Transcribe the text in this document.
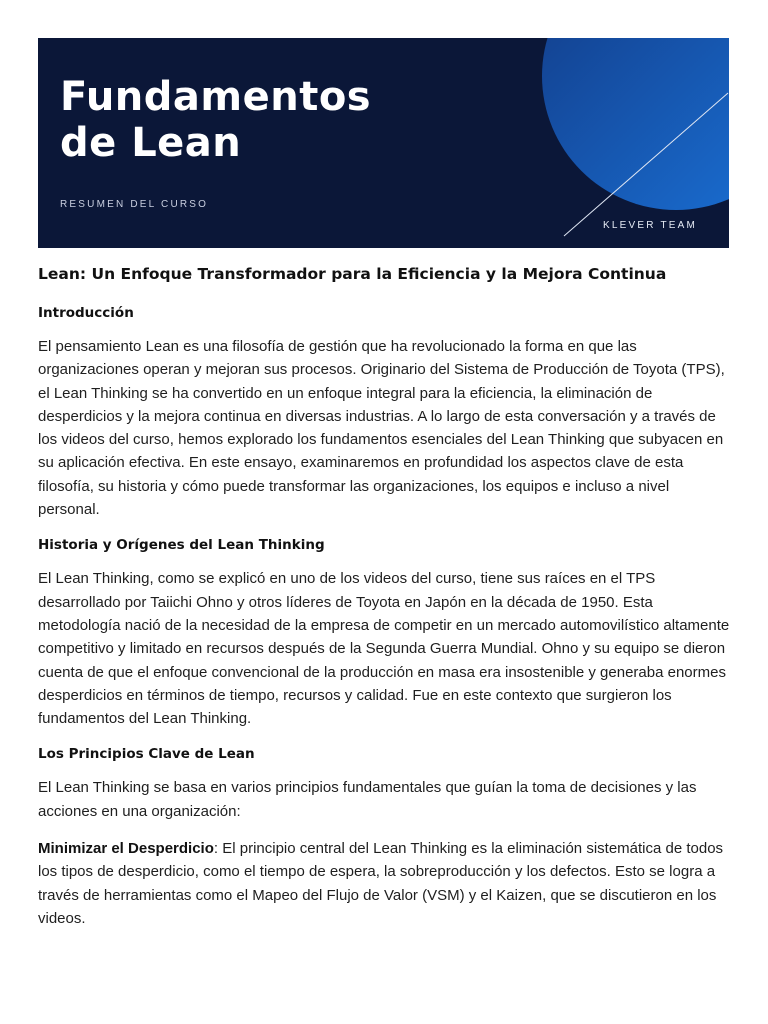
Fundamentos
de Lean
RESUMEN DEL CURSO
KLEVER TEAM
Lean: Un Enfoque Transformador para la Eficiencia y la Mejora Continua
Introducción

El pensamiento Lean es una filosofía de gestión que ha revolucionado la forma en que las organizaciones operan y mejoran sus procesos. Originario del Sistema de Producción de Toyota (TPS), el Lean Thinking se ha convertido en un enfoque integral para la eficiencia, la eliminación de desperdicios y la mejora continua en diversas industrias. A lo largo de esta conversación y a través de los videos del curso, hemos explorado los fundamentos esenciales del Lean Thinking que subyacen en su aplicación efectiva. En este ensayo, examinaremos en profundidad los aspectos clave de esta filosofía, su historia y cómo puede transformar las organizaciones, los equipos e incluso a nivel personal.

Historia y Orígenes del Lean Thinking

El Lean Thinking, como se explicó en uno de los videos del curso, tiene sus raíces en el TPS desarrollado por Taiichi Ohno y otros líderes de Toyota en Japón en la década de 1950. Esta metodología nació de la necesidad de la empresa de competir en un mercado automovilístico altamente competitivo y limitado en recursos después de la Segunda Guerra Mundial. Ohno y su equipo se dieron cuenta de que el enfoque convencional de la producción en masa era insostenible y generaba enormes desperdicios en términos de tiempo, recursos y calidad. Fue en este contexto que surgieron los fundamentos del Lean Thinking.

Los Principios Clave de Lean

El Lean Thinking se basa en varios principios fundamentales que guían la toma de decisiones y las acciones en una organización:

Minimizar el Desperdicio: El principio central del Lean Thinking es la eliminación sistemática de todos los tipos de desperdicio, como el tiempo de espera, la sobreproducción y los defectos. Esto se logra a través de herramientas como el Mapeo del Flujo de Valor (VSM) y el Kaizen, que se discutieron en los videos.
